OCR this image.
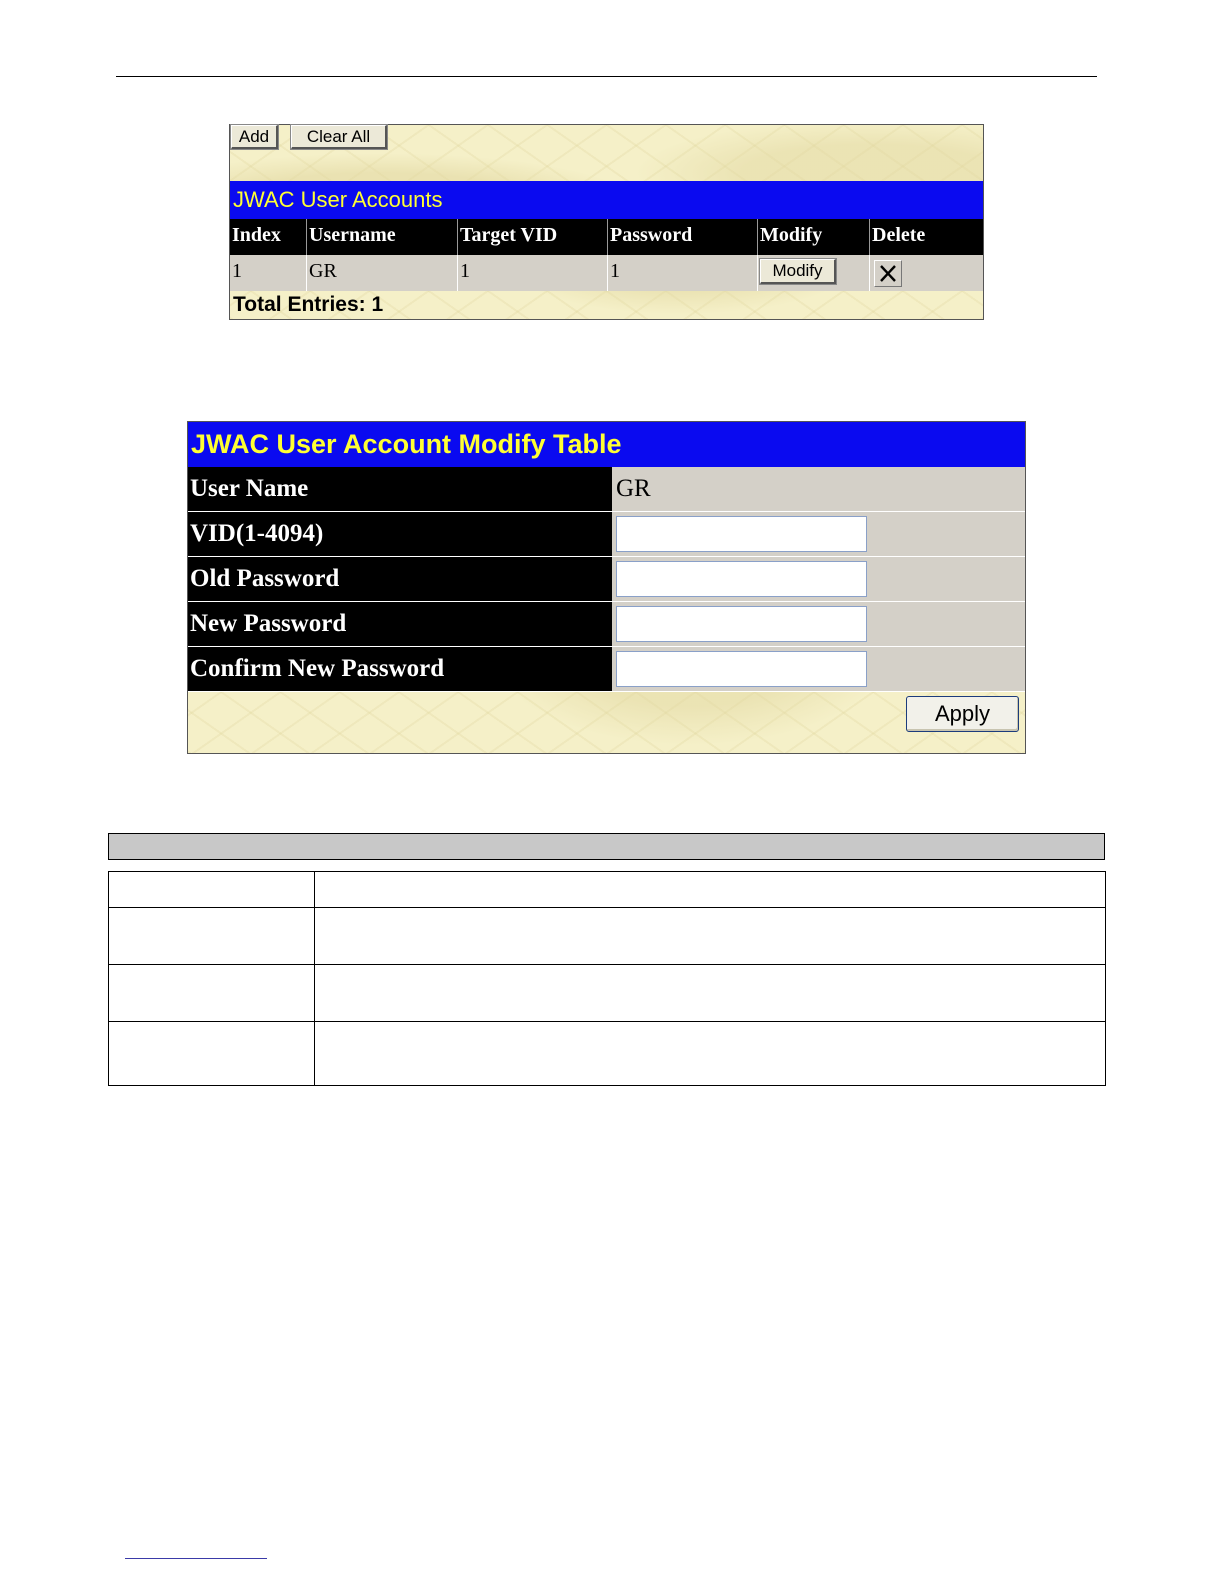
Add	Clear All
JWAC User Accounts
Index	Username	Target VID	Password	Modify	Delete
1	GR	1	1	Modify
Total Entries: 1
JWAC User Account Modify Table
User Name	GR
VID(1-4094)
Old Password
New Password
Confirm New Password
Apply
